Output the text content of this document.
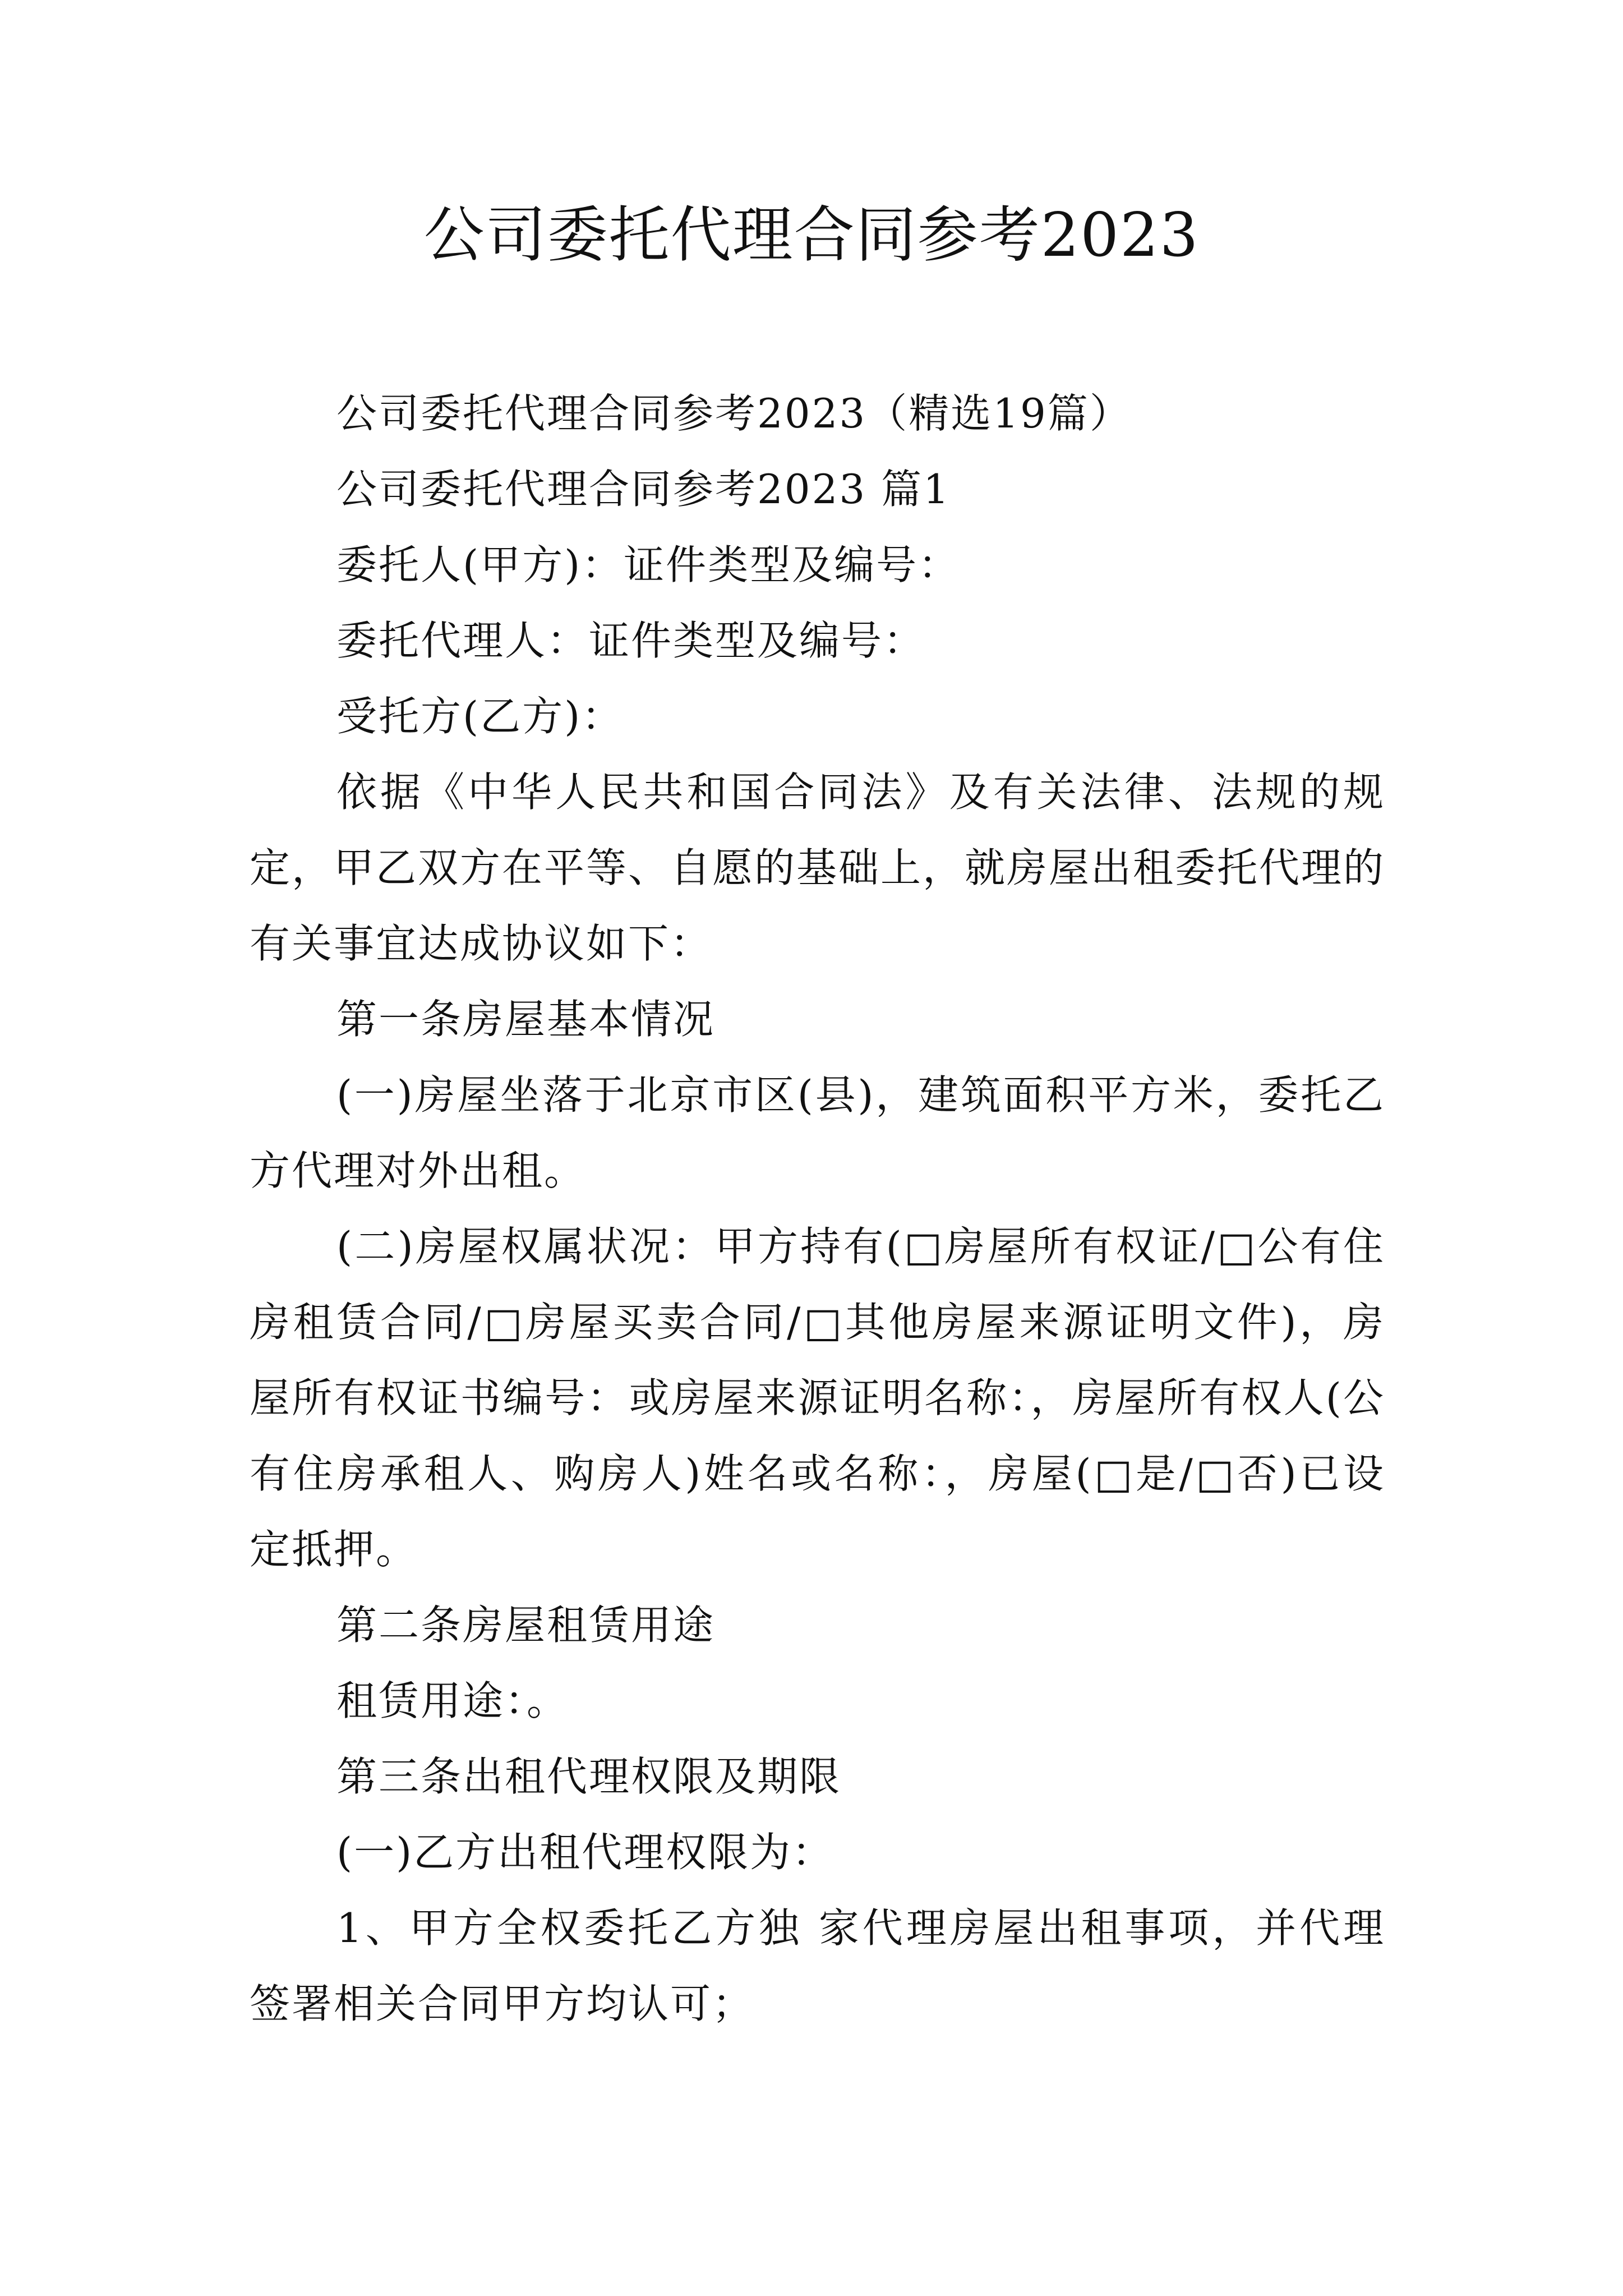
公司委托代理合同参考2023

公司委托代理合同参考2023（精选19篇）

公司委托代理合同参考2023 篇1

委托人(甲方)：证件类型及编号：

委托代理人：证件类型及编号：

受托方(乙方)：

依据《中华人民共和国合同法》及有关法律、法规的规定，甲乙双方在平等、自愿的基础上，就房屋出租委托代理的有关事宜达成协议如下：

第一条房屋基本情况

(一)房屋坐落于北京市区(县)，建筑面积平方米，委托乙方代理对外出租。

(二)房屋权属状况：甲方持有(□房屋所有权证/□公有住房租赁合同/□房屋买卖合同/□其他房屋来源证明文件)，房屋所有权证书编号：或房屋来源证明名称：，房屋所有权人(公有住房承租人、购房人)姓名或名称：，房屋(□是/□否)已设定抵押。

第二条房屋租赁用途

租赁用途：。

第三条出租代理权限及期限

(一)乙方出租代理权限为：

1、甲方全权委托乙方独 家代理房屋出租事项，并代理签署相关合同甲方均认可；
